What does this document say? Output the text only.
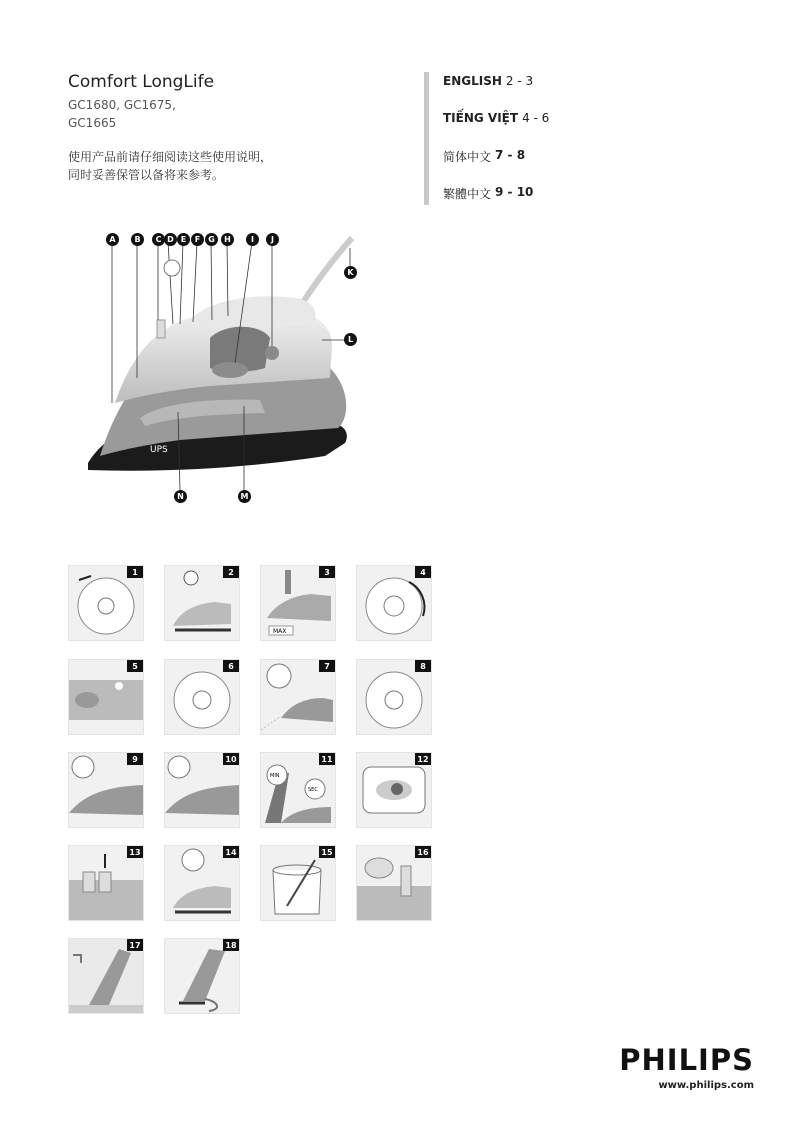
Comfort LongLife
GC1680, GC1675,
GC1665
使用产品前请仔细阅读这些使用说明，
同时妥善保管以备将来参考。
ENGLISH 2 - 3
TIẾNG VIỆT 4 - 6
简体中文 7 - 8
繁體中文 9 - 10
UPS
A	B	C D E	F G	H	I	J
K
L
M
N
1	2
MAX
3	4
5	6	7	8
9	10
MIN
SEC
11	12
13	14	15	16
17	18
PHILIPS
www.philips.com
